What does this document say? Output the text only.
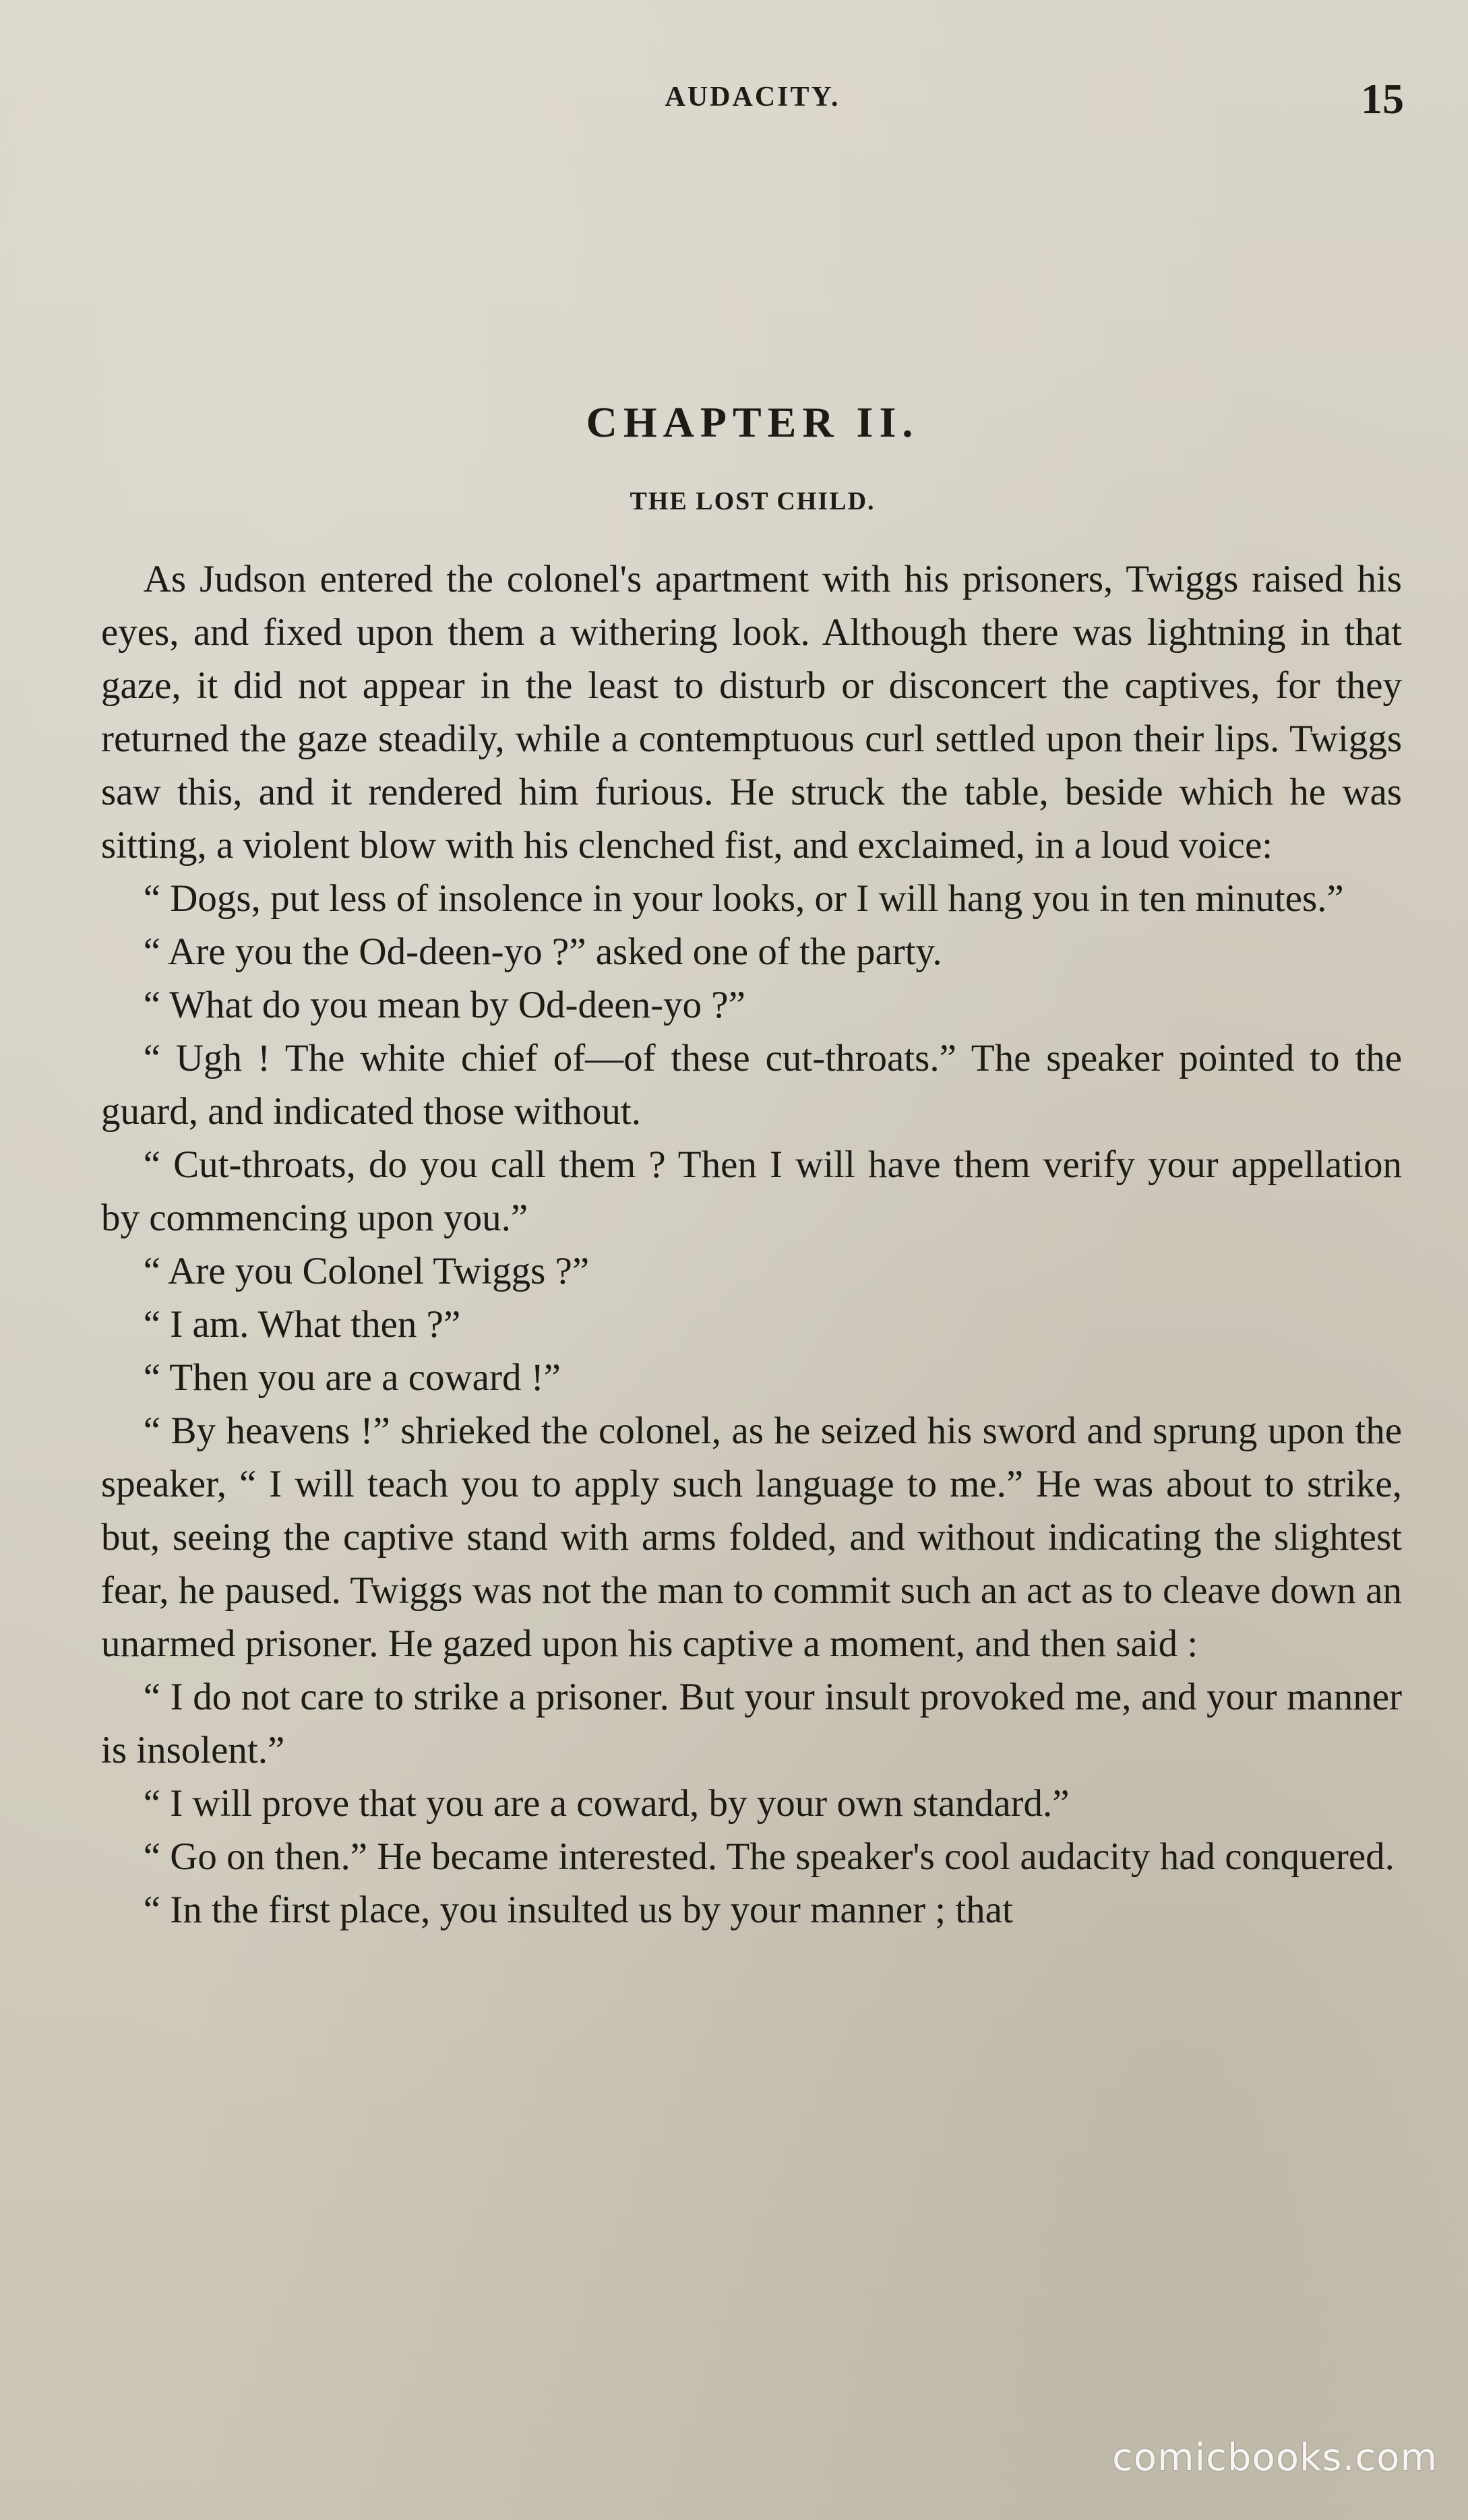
AUDACITY.	15
CHAPTER II.
THE LOST CHILD.

As Judson entered the colonel's apartment with his prisoners, Twiggs raised his eyes, and fixed upon them a withering look. Although there was lightning in that gaze, it did not appear in the least to disturb or disconcert the captives, for they returned the gaze steadily, while a contemptuous curl settled upon their lips. Twiggs saw this, and it rendered him furious. He struck the table, beside which he was sitting, a violent blow with his clenched fist, and exclaimed, in a loud voice:

“ Dogs, put less of insolence in your looks, or I will hang you in ten minutes.”

“ Are you the Od-deen-yo ?” asked one of the party.

“ What do you mean by Od-deen-yo ?”

“ Ugh ! The white chief of—of these cut-throats.” The speaker pointed to the guard, and indicated those without.

“ Cut-throats, do you call them ? Then I will have them verify your appellation by commencing upon you.”

“ Are you Colonel Twiggs ?”

“ I am. What then ?”

“ Then you are a coward !”

“ By heavens !” shrieked the colonel, as he seized his sword and sprung upon the speaker, “ I will teach you to apply such language to me.” He was about to strike, but, seeing the captive stand with arms folded, and without indicating the slightest fear, he paused. Twiggs was not the man to commit such an act as to cleave down an unarmed prisoner. He gazed upon his captive a moment, and then said :

“ I do not care to strike a prisoner. But your insult provoked me, and your manner is insolent.”

“ I will prove that you are a coward, by your own standard.”

“ Go on then.” He became interested. The speaker's cool audacity had conquered.

“ In the first place, you insulted us by your manner ; that

comicbooks.com
